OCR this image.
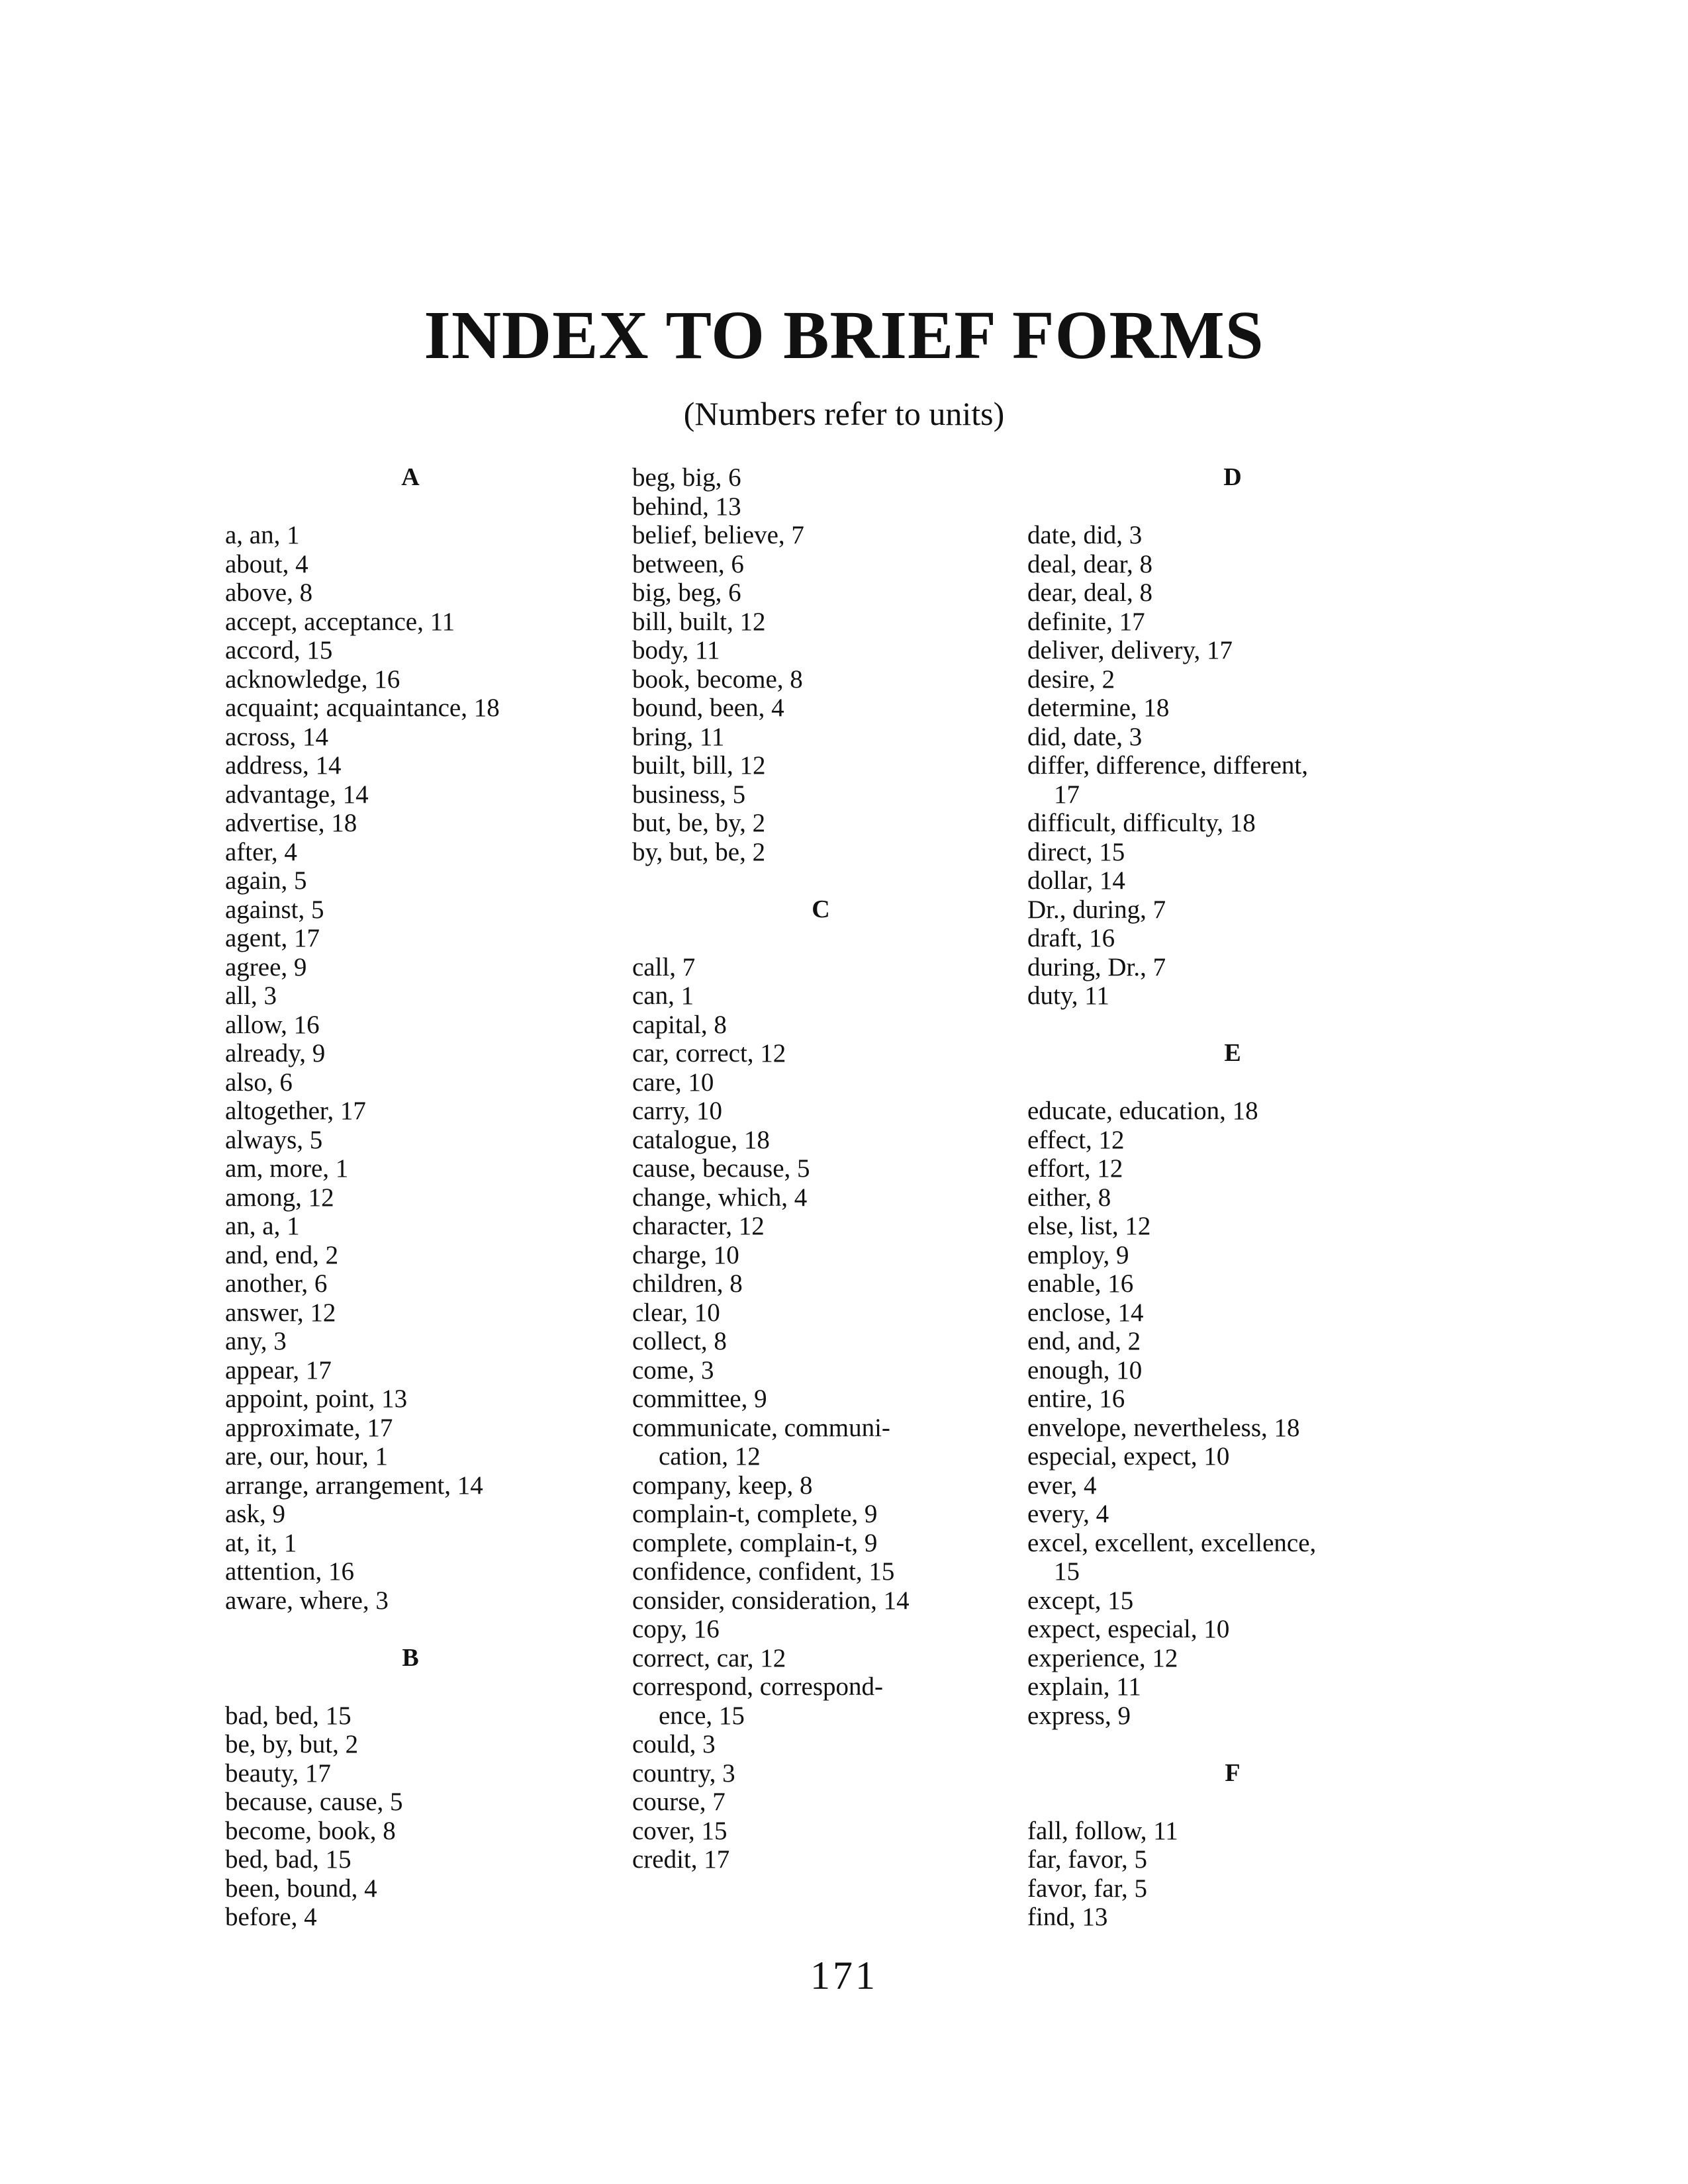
INDEX TO BRIEF FORMS
(Numbers refer to units)
A
a, an, 1
about, 4
above, 8
accept, acceptance, 11
accord, 15
acknowledge, 16
acquaint; acquaintance, 18
across, 14
address, 14
advantage, 14
advertise, 18
after, 4
again, 5
against, 5
agent, 17
agree, 9
all, 3
allow, 16
already, 9
also, 6
altogether, 17
always, 5
am, more, 1
among, 12
an, a, 1
and, end, 2
another, 6
answer, 12
any, 3
appear, 17
appoint, point, 13
approximate, 17
are, our, hour, 1
arrange, arrangement, 14
ask, 9
at, it, 1
attention, 16
aware, where, 3
B
bad, bed, 15
be, by, but, 2
beauty, 17
because, cause, 5
become, book, 8
bed, bad, 15
been, bound, 4
before, 4
beg, big, 6
behind, 13
belief, believe, 7
between, 6
big, beg, 6
bill, built, 12
body, 11
book, become, 8
bound, been, 4
bring, 11
built, bill, 12
business, 5
but, be, by, 2
by, but, be, 2
C
call, 7
can, 1
capital, 8
car, correct, 12
care, 10
carry, 10
catalogue, 18
cause, because, 5
change, which, 4
character, 12
charge, 10
children, 8
clear, 10
collect, 8
come, 3
committee, 9
communicate, communi-
cation, 12
company, keep, 8
complain-t, complete, 9
complete, complain-t, 9
confidence, confident, 15
consider, consideration, 14
copy, 16
correct, car, 12
correspond, correspond-
ence, 15
could, 3
country, 3
course, 7
cover, 15
credit, 17
D
date, did, 3
deal, dear, 8
dear, deal, 8
definite, 17
deliver, delivery, 17
desire, 2
determine, 18
did, date, 3
differ, difference, different,
17
difficult, difficulty, 18
direct, 15
dollar, 14
Dr., during, 7
draft, 16
during, Dr., 7
duty, 11
E
educate, education, 18
effect, 12
effort, 12
either, 8
else, list, 12
employ, 9
enable, 16
enclose, 14
end, and, 2
enough, 10
entire, 16
envelope, nevertheless, 18
especial, expect, 10
ever, 4
every, 4
excel, excellent, excellence,
15
except, 15
expect, especial, 10
experience, 12
explain, 11
express, 9
F
fall, follow, 11
far, favor, 5
favor, far, 5
find, 13
171
